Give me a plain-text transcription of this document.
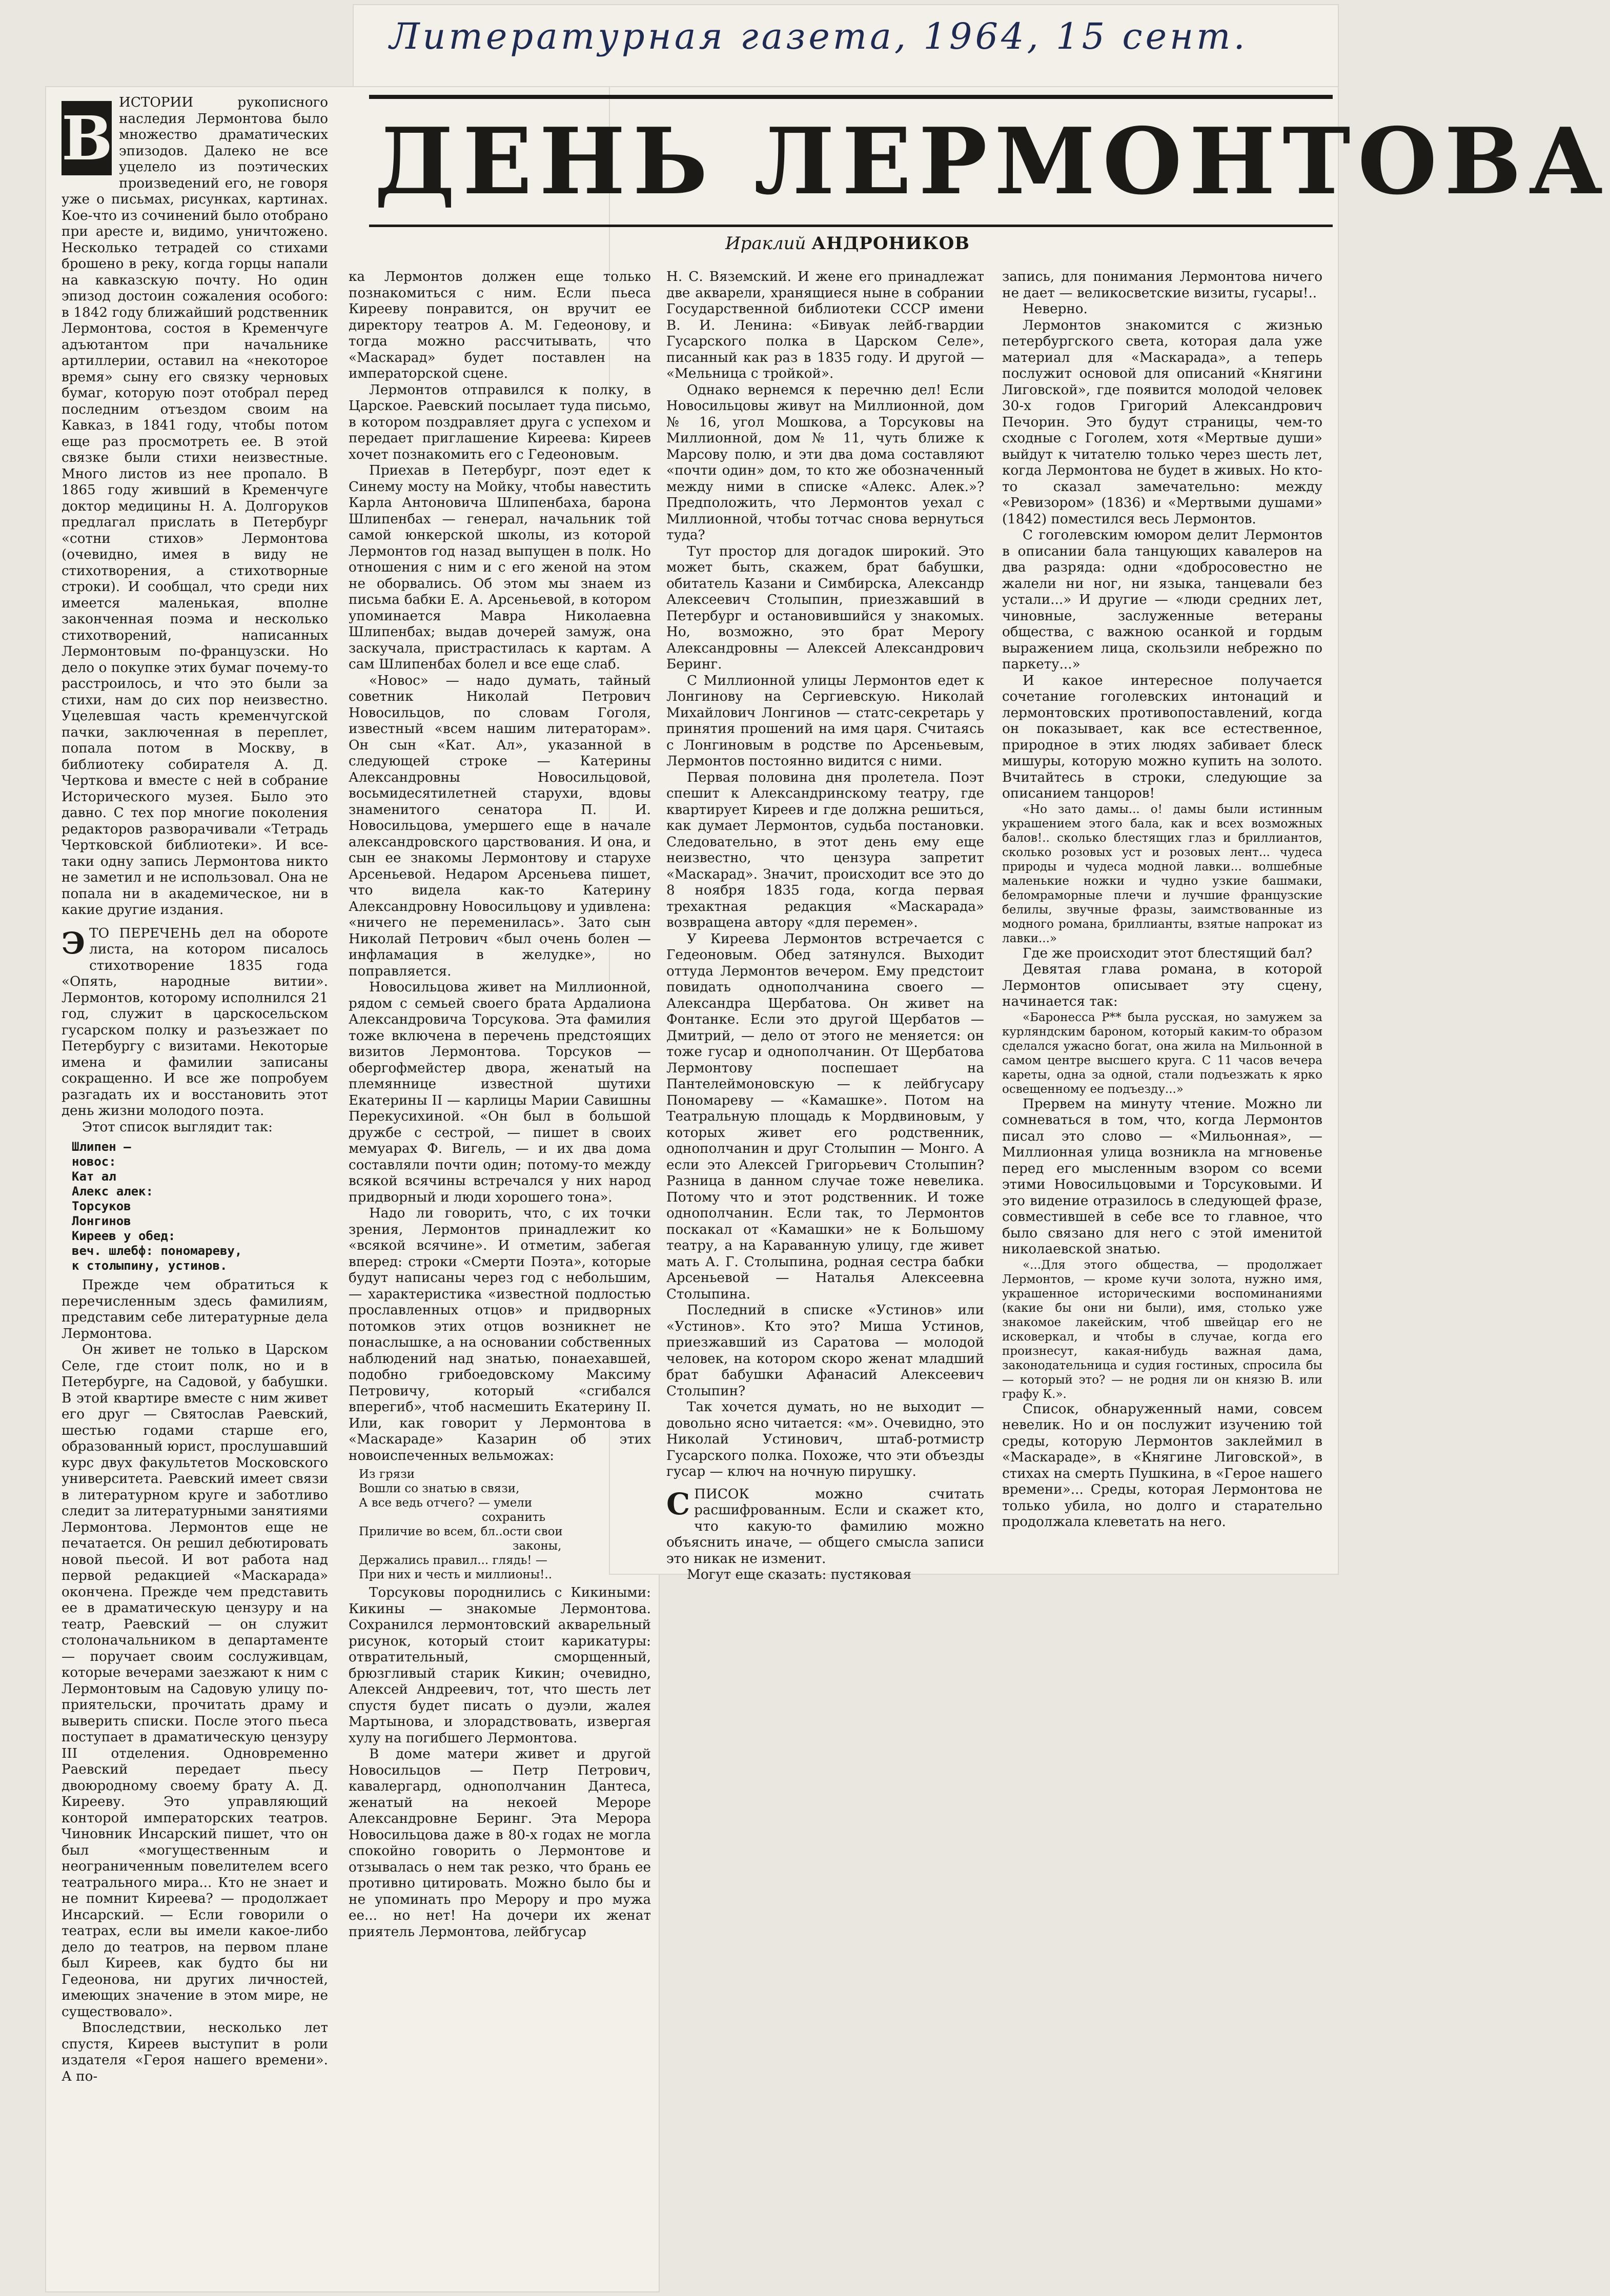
Литературная газета, 1964, 15 сент.
ДЕНЬ ЛЕРМОНТОВА
Ираклий АНДРОНИКОВ
В ИСТОРИИ рукописного наследия Лермонтова было множество драматических эпизодов. Далеко не все уцелело из поэтических произведений его, не говоря уже о письмах, рисунках, картинах. Кое-что из сочинений было отобрано при аресте и, видимо, уничтожено. Несколько тетрадей со стихами брошено в реку, когда горцы напали на кавказскую почту. Но один эпизод достоин сожаления особого: в 1842 году ближайший родственник Лермонтова, состоя в Кременчуге адъютантом при начальнике артиллерии, оставил на «некоторое время» сыну его связку черновых бумаг, которую поэт отобрал перед последним отъездом своим на Кавказ, в 1841 году, чтобы потом еще раз просмотреть ее. В этой связке были стихи неизвестные. Много листов из нее пропало. В 1865 году живший в Кременчуге доктор медицины Н. А. Долгоруков предлагал прислать в Петербург «сотни стихов» Лермонтова (очевидно, имея в виду не стихотворения, а стихотворные строки). И сообщал, что среди них имеется маленькая, вполне законченная поэма и несколько стихотворений, написанных Лермонтовым по-французски. Но дело о покупке этих бумаг почему-то расстроилось, и что это были за стихи, нам до сих пор неизвестно. Уцелевшая часть кременчугской пачки, заключенная в переплет, попала потом в Москву, в библиотеку собирателя А. Д. Черткова и вместе с ней в собрание Исторического музея. Было это давно. С тех пор многие поколения редакторов разворачивали «Тетрадь Чертковской библиотеки». И все-таки одну запись Лермонтова никто не заметил и не использовал. Она не попала ни в академическое, ни в какие другие издания.

Э ТО ПЕРЕЧЕНЬ дел на обороте листа, на котором писалось стихотворение 1835 года «Опять, народные витии». Лермонтов, которому исполнился 21 год, служит в царскосельском гусарском полку и разъезжает по Петербургу с визитами. Некоторые имена и фамилии записаны сокращенно. И все же попробуем разгадать их и восстановить этот день жизни молодого поэта.

Этот список выглядит так:

Шлипен —
новос:
Кат ал
Алекс алек:
Торсуков
Лонгинов
Киреев у обед:
веч. шлебф: пономареву,
к столыпину, устинов.

Прежде чем обратиться к перечисленным здесь фамилиям, представим себе литературные дела Лермонтова.

Он живет не только в Царском Селе, где стоит полк, но и в Петербурге, на Садовой, у бабушки. В этой квартире вместе с ним живет его друг — Святослав Раевский, шестью годами старше его, образованный юрист, прослушавший курс двух факультетов Московского университета. Раевский имеет связи в литературном круге и заботливо следит за литературными занятиями Лермонтова. Лермонтов еще не печатается. Он решил дебютировать новой пьесой. И вот работа над первой редакцией «Маскарада» окончена. Прежде чем представить ее в драматическую цензуру и на театр, Раевский — он служит столоначальником в департаменте — поручает своим сослуживцам, которые вечерами заезжают к ним с Лермонтовым на Садовую улицу по-приятельски, прочитать драму и выверить списки. После этого пьеса поступает в драматическую цензуру III отделения. Одновременно Раевский передает пьесу двоюродному своему брату А. Д. Кирееву. Это управляющий конторой императорских театров. Чиновник Инсарский пишет, что он был «могущественным и неограниченным повелителем всего театрального мира... Кто не знает и не помнит Киреева? — продолжает Инсарский. — Если говорили о театрах, если вы имели какое-либо дело до театров, на первом плане был Киреев, как будто бы ни Гедеонова, ни других личностей, имеющих значение в этом мире, не существовало».

Впоследствии, несколько лет спустя, Киреев выступит в роли издателя «Героя нашего времени». А по-

ка Лермонтов должен еще только познакомиться с ним. Если пьеса Кирееву понравится, он вручит ее директору театров А. М. Гедеонову, и тогда можно рассчитывать, что «Маскарад» будет поставлен на императорской сцене.

Лермонтов отправился к полку, в Царское. Раевский посылает туда письмо, в котором поздравляет друга с успехом и передает приглашение Киреева: Киреев хочет познакомить его с Гедеоновым.

Приехав в Петербург, поэт едет к Синему мосту на Мойку, чтобы навестить Карла Антоновича Шлипенбаха, барона Шлипенбах — генерал, начальник той самой юнкерской школы, из которой Лермонтов год назад выпущен в полк. Но отношения с ним и с его женой на этом не оборвались. Об этом мы знаем из письма бабки Е. А. Арсеньевой, в котором упоминается Мавра Николаевна Шлипенбах; выдав дочерей замуж, она заскучала, пристрастилась к картам. А сам Шлипенбах болел и все еще слаб.

«Новос» — надо думать, тайный советник Николай Петрович Новосильцов, по словам Гоголя, известный «всем нашим литераторам». Он сын «Кат. Ал», указанной в следующей строке — Катерины Александровны Новосильцовой, восьмидесятилетней старухи, вдовы знаменитого сенатора П. И. Новосильцова, умершего еще в начале александровского царствования. И она, и сын ее знакомы Лермонтову и старухе Арсеньевой. Недаром Арсеньева пишет, что видела как-то Катерину Александровну Новосильцову и удивлена: «ничего не переменилась». Зато сын Николай Петрович «был очень болен — инфламация в желудке», но поправляется.

Новосильцова живет на Миллионной, рядом с семьей своего брата Ардалиона Александровича Торсукова. Эта фамилия тоже включена в перечень предстоящих визитов Лермонтова. Торсуков — обергофмейстер двора, женатый на племяннице известной шутихи Екатерины II — карлицы Марии Савишны Перекусихиной. «Он был в большой дружбе с сестрой, — пишет в своих мемуарах Ф. Вигель, — и их два дома составляли почти один; потому-то между всякой всячины встречался у них народ придворный и люди хорошего тона».

Надо ли говорить, что, с их точки зрения, Лермонтов принадлежит ко «всякой всячине». И отметим, забегая вперед: строки «Смерти Поэта», которые будут написаны через год с небольшим, — характеристика «известной подлостью прославленных отцов» и придворных потомков этих отцов возникнет не понаслышке, а на основании собственных наблюдений над знатью, понаехавшей, подобно грибоедовскому Максиму Петровичу, который «сгибался вперегиб», чтоб насмешить Екатерину II. Или, как говорит у Лермонтова в «Маскараде» Казарин об этих новоиспеченных вельможах:

Из грязи

Вошли со знатью в связи,

А все ведь отчего? — умели

сохранить

Приличие во всем, бл..ости свои

законы,

Держались правил... глядь! —

При них и честь и миллионы!..

Торсуковы породнились с Кикиными: Кикины — знакомые Лермонтова. Сохранился лермонтовский акварельный рисунок, который стоит карикатуры: отвратительный, сморщенный, брюзгливый старик Кикин; очевидно, Алексей Андреевич, тот, что шесть лет спустя будет писать о дуэли, жалея Мартынова, и злорадствовать, извергая хулу на погибшего Лермонтова.

В доме матери живет и другой Новосильцов — Петр Петрович, кавалергард, однополчанин Дантеса, женатый на некоей Мерope Александровне Беринг. Эта Мерора Новосильцова даже в 80-х годах не могла спокойно говорить о Лермонтове и отзывалась о нем так резко, что брань ее противно цитировать. Можно было бы и не упоминать про Мерору и про мужа ее... но нет! На дочери их женат приятель Лермонтова, лейбгусар

Н. С. Вяземский. И жене его принадлежат две акварели, хранящиеся ныне в собрании Государственной библиотеки СССР имени В. И. Ленина: «Бивуак лейб-гвардии Гусарского полка в Царском Селе», писанный как раз в 1835 году. И другой — «Мельница с тройкой».

Однако вернемся к перечню дел! Если Новосильцовы живут на Миллионной, дом № 16, угол Мошкова, а Торсуковы на Миллионной, дом № 11, чуть ближе к Марсову полю, и эти два дома составляют «почти один» дом, то кто же обозначенный между ними в списке «Алекс. Алек.»? Предположить, что Лермонтов уехал с Миллионной, чтобы тотчас снова вернуться туда?

Тут простор для догадок широкий. Это может быть, скажем, брат бабушки, обитатель Казани и Симбирска, Александр Алексеевич Столыпин, приезжавший в Петербург и остановившийся у знакомых. Но, возможно, это брат Мерory Александровны — Алексей Александрович Беринг.

С Миллионной улицы Лермонтов едет к Лонгинову на Сергиевскую. Николай Михайлович Лонгинов — статс-секретарь у принятия прошений на имя царя. Считаясь с Лонгиновым в родстве по Арсеньевым, Лермонтов постоянно видится с ними.

Первая половина дня пролетела. Поэт спешит к Александринскому театру, где квартирует Киреев и где должна решиться, как думает Лермонтов, судьба постановки. Следовательно, в этот день ему еще неизвестно, что цензура запретит «Маскарад». Значит, происходит все это до 8 ноября 1835 года, когда первая трехактная редакция «Маскарада» возвращена автору «для перемен».

У Киреева Лермонтов встречается с Гедеоновым. Обед затянулся. Выходит оттуда Лермонтов вечером. Ему предстоит повидать однополчанина своего — Александра Щербатова. Он живет на Фонтанке. Если это другой Щербатов — Дмитрий, — дело от этого не меняется: он тоже гусар и однополчанин. От Щербатова Лермонтову поспешает на Пантелеймоновскую — к лейбгусару Пономареву — «Камашке». Потом на Театральную площадь к Мордвиновым, у которых живет его родственник, однополчанин и друг Столыпин — Монго. А если это Алексей Григорьевич Столыпин? Разница в данном случае тоже невелика. Потому что и этот родственник. И тоже однополчанин. Если так, то Лермонтов поскакал от «Камашки» не к Большому театру, а на Караванную улицу, где живет мать А. Г. Столыпина, родная сестра бабки Арсеньевой — Наталья Алексеевна Столыпина.

Последний в списке «Устинов» или «Устинов». Кто это? Миша Устинов, приезжавший из Саратова — молодой человек, на котором скоро женат младший брат бабушки Афанасий Алексеевич Столыпин?

Так хочется думать, но не выходит — довольно ясно читается: «м». Очевидно, это Николай Устинович, штаб-ротмистр Гусарского полка. Похоже, что эти объезды гусар — ключ на ночную пирушку.

С ПИСОК можно считать расшифрованным. Если и скажет кто, что какую-то фамилию можно объяснить иначе, — общего смысла записи это никак не изменит.

Могут еще сказать: пустяковая

запись, для понимания Лермонтова ничего не дает — великосветские визиты, гусары!..

Неверно.

Лермонтов знакомится с жизнью петербургского света, которая дала уже материал для «Маскарада», а теперь послужит основой для описаний «Княгини Лиговской», где появится молодой человек 30-х годов Григорий Александрович Печорин. Это будут страницы, чем-то сходные с Гоголем, хотя «Мертвые души» выйдут к читателю только через шесть лет, когда Лермонтова не будет в живых. Но кто-то сказал замечательно: между «Ревизором» (1836) и «Мертвыми душами» (1842) поместился весь Лермонтов.

С гоголевским юмором делит Лермонтов в описании бала танцующих кавалеров на два разряда: одни «добросовестно не жалели ни ног, ни языка, танцевали без устали...» И другие — «люди средних лет, чиновные, заслуженные ветераны общества, с важною осанкой и гордым выражением лица, скользили небрежно по паркету...»

И какое интересное получается сочетание гоголевских интонаций и лермонтовских противопоставлений, когда он показывает, как все естественное, природное в этих людях забивает блеск мишуры, которую можно купить на золото. Вчитайтесь в строки, следующие за описанием танцоров!

«Но зато дамы... о! дамы были истинным украшением этого бала, как и всех возможных балов!.. сколько блестящих глаз и бриллиантов, сколько розовых уст и розовых лент... чудеса природы и чудеса модной лавки... волшебные маленькие ножки и чудно узкие башмаки, беломраморные плечи и лучшие французские белилы, звучные фразы, заимствованные из модного романа, бриллианты, взятые напрокат из лавки...»

Где же происходит этот блестящий бал?

Девятая глава романа, в которой Лермонтов описывает эту сцену, начинается так:

«Баронесса Р** была русская, но замужем за курляндским бароном, который каким-то образом сделался ужасно богат, она жила на Мильонной в самом центре высшего круга. С 11 часов вечера кареты, одна за одной, стали подъезжать к ярко освещенному ее подъезду...»

Прервем на минуту чтение. Можно ли сомневаться в том, что, когда Лермонтов писал это слово — «Мильонная», — Миллионная улица возникла на мгновенье перед его мысленным взором со всеми этими Новосильцовыми и Торсуковыми. И это видение отразилось в следующей фразе, совместившей в себе все то главное, что было связано для него с этой именитой николаевской знатью.

«...Для этого общества, — продолжает Лермонтов, — кроме кучи золота, нужно имя, украшенное историческими воспоминаниями (какие бы они ни были), имя, столько уже знакомое лакейским, чтоб швейцар его не исковеркал, и чтобы в случае, когда его произнесут, какая-нибудь важная дама, законодательница и судия гостиных, спросила бы — который это? — не родня ли он князю В. или графу К.».

Список, обнаруженный нами, совсем невелик. Но и он послужит изучению той среды, которую Лермонтов заклеймил в «Маскараде», в «Княгине Лиговской», в стихах на смерть Пушкина, в «Герое нашего времени»... Среды, которая Лермонтова не только убила, но долго и старательно продолжала клеветать на него.
